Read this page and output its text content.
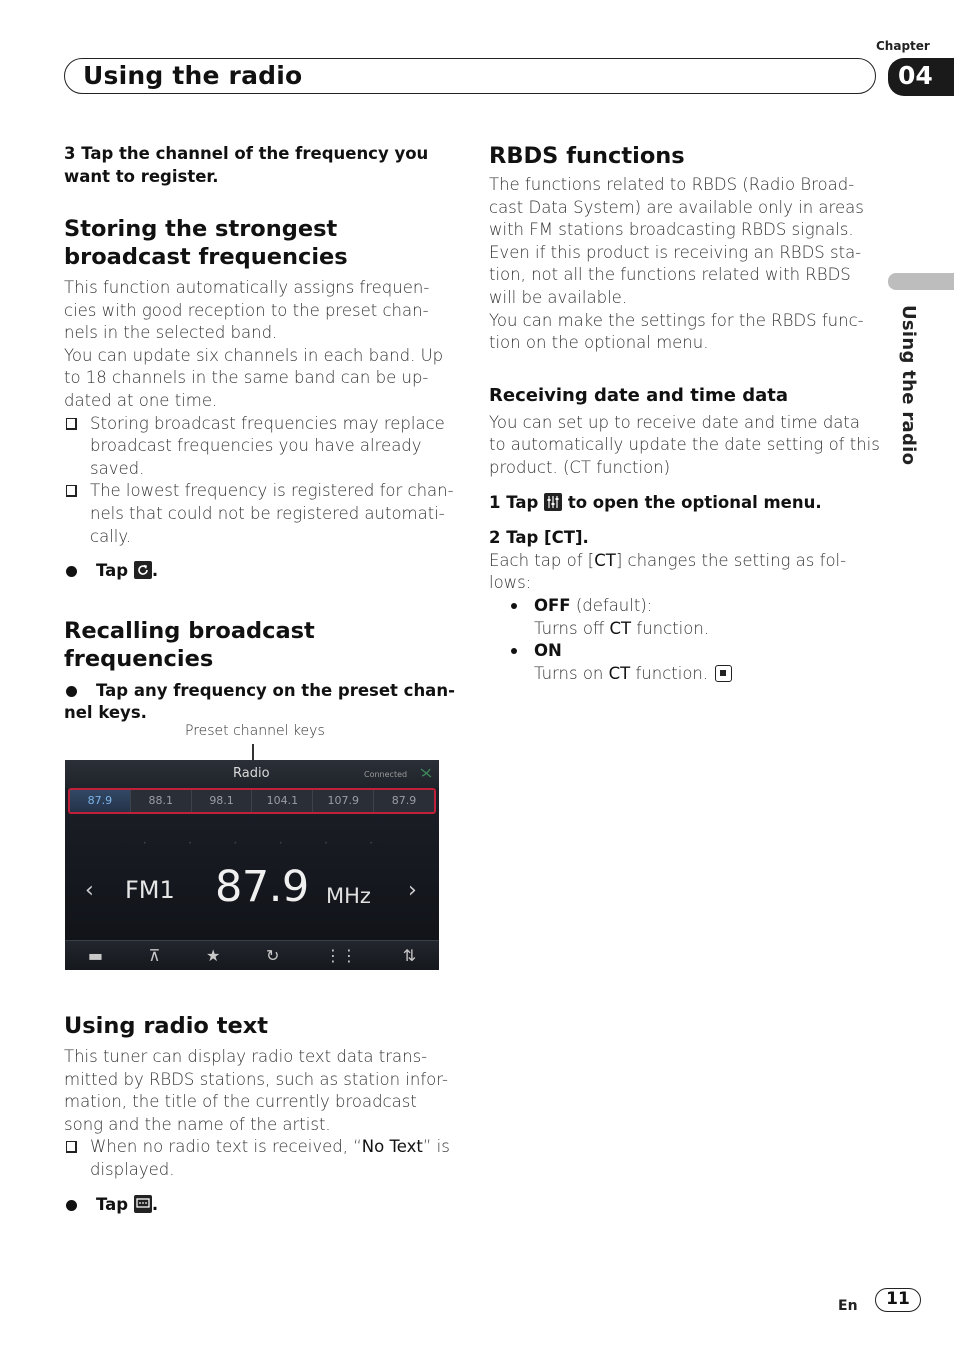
Chapter
Using the radio	04
Using the radio
3 Tap the channel of the frequency you want to register.
Storing the strongest broadcast frequencies
This function automatically assigns frequen-cies with good reception to the preset chan-nels in the selected band.
You can update six channels in each band. Up to 18 channels in the same band can be up-dated at one time.
Storing broadcast frequencies may replace broadcast frequencies you have already saved.
The lowest frequency is registered for chan-nels that could not be registered automati-cally.
Tap .
Recalling broadcast frequencies
Tap any frequency on the preset chan-nel keys.
Preset channel keys
Radio	Connected
87.9	88.1	98.1	104.1	107.9	87.9
•	•	•	•	•	•
‹ FM1 87.9 MHz ›
▬	⊼	★	↻	⋮⋮	⇅
Using radio text
This tuner can display radio text data trans-mitted by RBDS stations, such as station infor-mation, the title of the currently broadcast song and the name of the artist.
When no radio text is received, “No Text” is displayed.
Tap .
RBDS functions
The functions related to RBDS (Radio Broad-cast Data System) are available only in areas with FM stations broadcasting RBDS signals. Even if this product is receiving an RBDS sta-tion, not all the functions related with RBDS will be available.
You can make the settings for the RBDS func-tion on the optional menu.
Receiving date and time data
You can set up to receive date and time data to automatically update the date setting of this product. (CT function)
1 Tap to open the optional menu.
2 Tap [CT].
Each tap of [CT] changes the setting as fol-lows:
OFF (default):
Turns off CT function.
ON
Turns on CT function.
En	11
